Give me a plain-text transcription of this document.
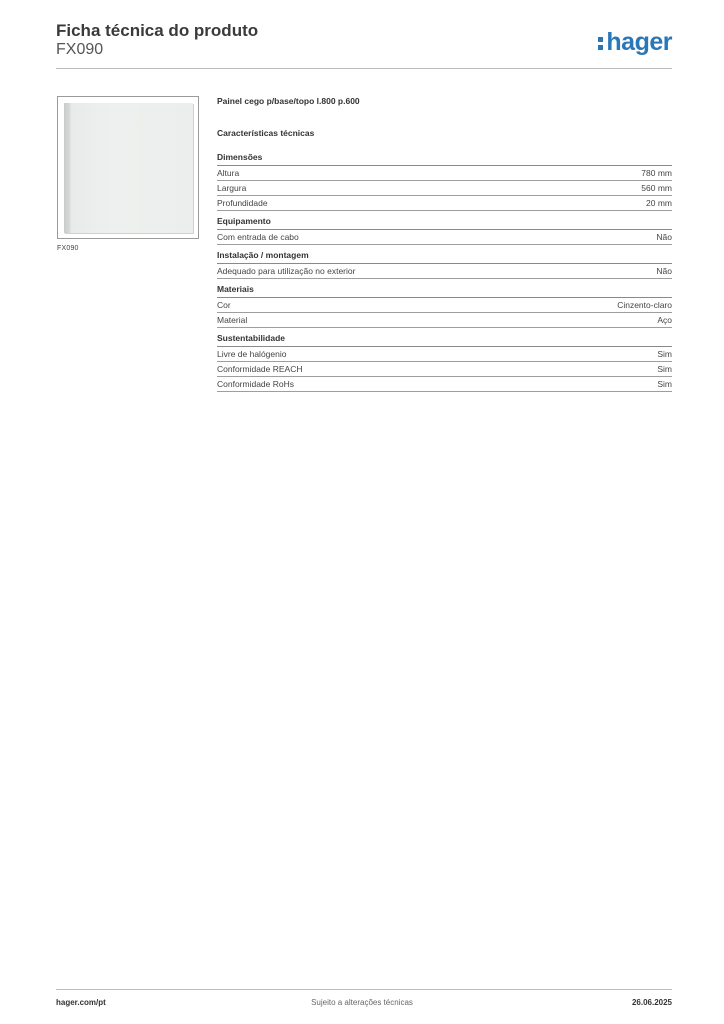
Ficha técnica do produto
FX090	hager
FX090
Painel cego p/base/topo l.800 p.600
Características técnicas
Dimensões
Altura	780 mm
Largura	560 mm
Profundidade	20 mm
Equipamento
Com entrada de cabo	Não
Instalação / montagem
Adequado para utilização no exterior	Não
Materiais
Cor	Cinzento-claro
Material	Aço
Sustentabilidade
Livre de halógenio	Sim
Conformidade REACH	Sim
Conformidade RoHs	Sim
hager.com/pt	Sujeito a alterações técnicas	26.06.2025
